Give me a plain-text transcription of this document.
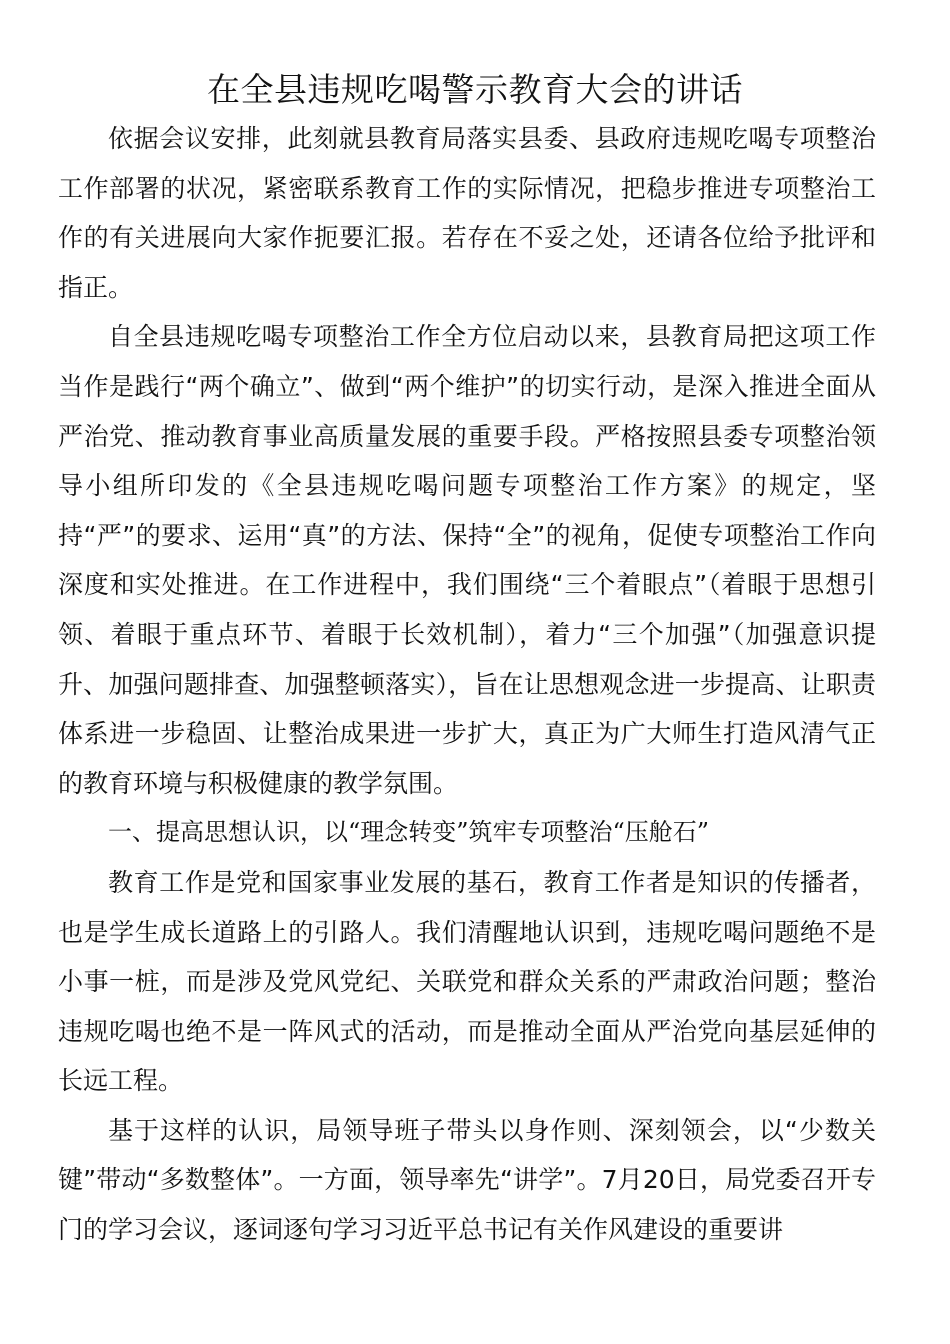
在全县违规吃喝警示教育大会的讲话

依据会议安排，此刻就县教育局落实县委、县政府违规吃喝专项整治工作部署的状况，紧密联系教育工作的实际情况，把稳步推进专项整治工作的有关进展向大家作扼要汇报。若存在不妥之处，还请各位给予批评和指正。

自全县违规吃喝专项整治工作全方位启动以来，县教育局把这项工作当作是践行“两个确立”、做到“两个维护”的切实行动，是深入推进全面从严治党、推动教育事业高质量发展的重要手段。严格按照县委专项整治领导小组所印发的《全县违规吃喝问题专项整治工作方案》的规定，坚持“严”的要求、运用“真”的方法、保持“全”的视角，促使专项整治工作向深度和实处推进。在工作进程中，我们围绕“三个着眼点”（着眼于思想引领、着眼于重点环节、着眼于长效机制），着力“三个加强”（加强意识提升、加强问题排查、加强整顿落实），旨在让思想观念进一步提高、让职责体系进一步稳固、让整治成果进一步扩大，真正为广大师生打造风清气正的教育环境与积极健康的教学氛围。

一、提高思想认识，以“理念转变”筑牢专项整治“压舱石”

教育工作是党和国家事业发展的基石，教育工作者是知识的传播者，也是学生成长道路上的引路人。我们清醒地认识到，违规吃喝问题绝不是小事一桩，而是涉及党风党纪、关联党和群众关系的严肃政治问题；整治违规吃喝也绝不是一阵风式的活动，而是推动全面从严治党向基层延伸的长远工程。

基于这样的认识，局领导班子带头以身作则、深刻领会，以“少数关键”带动“多数整体”。一方面，领导率先“讲学”。7月20日，局党委召开专门的学习会议，逐词逐句学习习近平总书记有关作风建设的重要讲
